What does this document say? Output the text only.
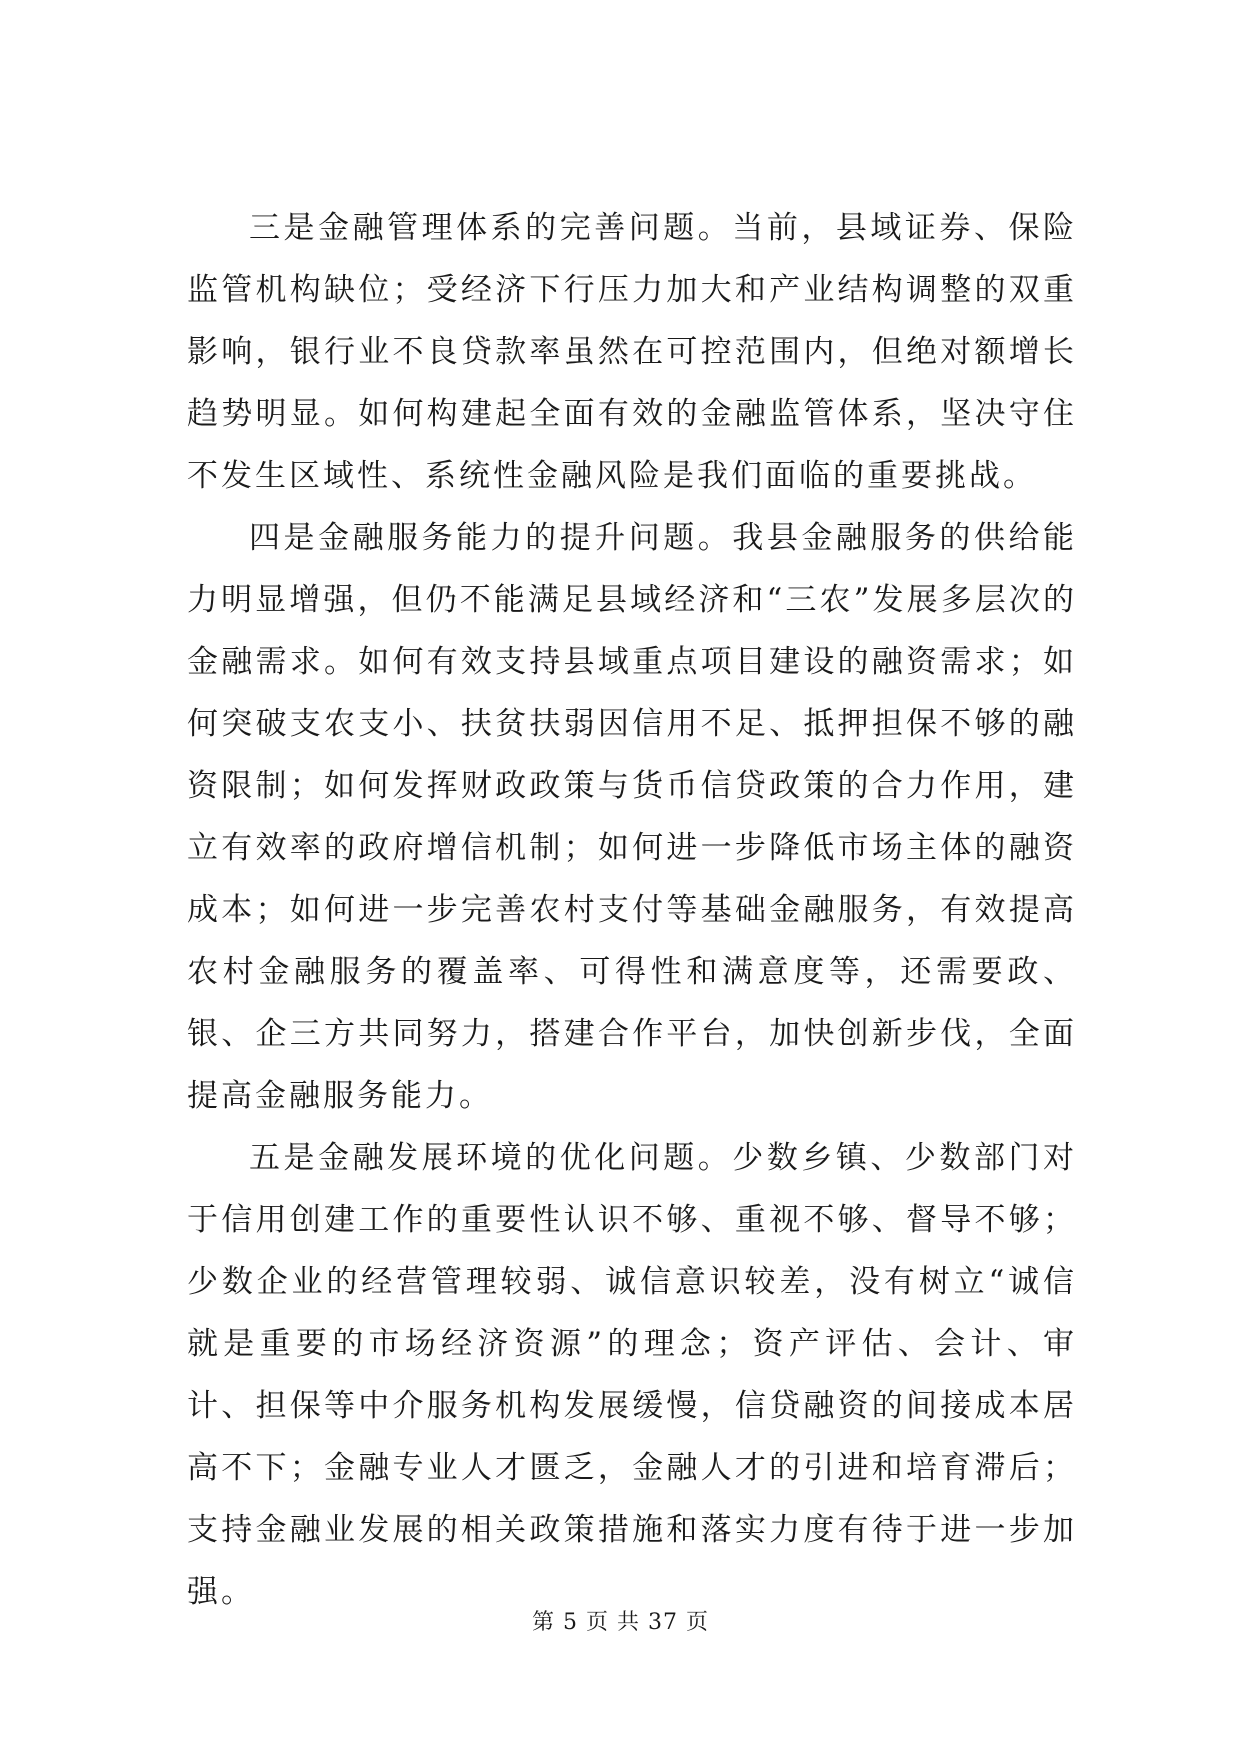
三是金融管理体系的完善问题。当前，县域证券、保险监管机构缺位；受经济下行压力加大和产业结构调整的双重影响，银行业不良贷款率虽然在可控范围内，但绝对额增长趋势明显。如何构建起全面有效的金融监管体系，坚决守住不发生区域性、系统性金融风险是我们面临的重要挑战。

四是金融服务能力的提升问题。我县金融服务的供给能力明显增强，但仍不能满足县域经济和“三农”发展多层次的金融需求。如何有效支持县域重点项目建设的融资需求；如何突破支农支小、扶贫扶弱因信用不足、抵押担保不够的融资限制；如何发挥财政政策与货币信贷政策的合力作用，建立有效率的政府增信机制；如何进一步降低市场主体的融资成本；如何进一步完善农村支付等基础金融服务，有效提高农村金融服务的覆盖率、可得性和满意度等，还需要政、银、企三方共同努力，搭建合作平台，加快创新步伐，全面提高金融服务能力。

五是金融发展环境的优化问题。少数乡镇、少数部门对于信用创建工作的重要性认识不够、重视不够、督导不够；少数企业的经营管理较弱、诚信意识较差，没有树立“诚信就是重要的市场经济资源”的理念；资产评估、会计、审计、担保等中介服务机构发展缓慢，信贷融资的间接成本居高不下；金融专业人才匮乏，金融人才的引进和培育滞后；支持金融业发展的相关政策措施和落实力度有待于进一步加强。

第 5 页 共 37 页
